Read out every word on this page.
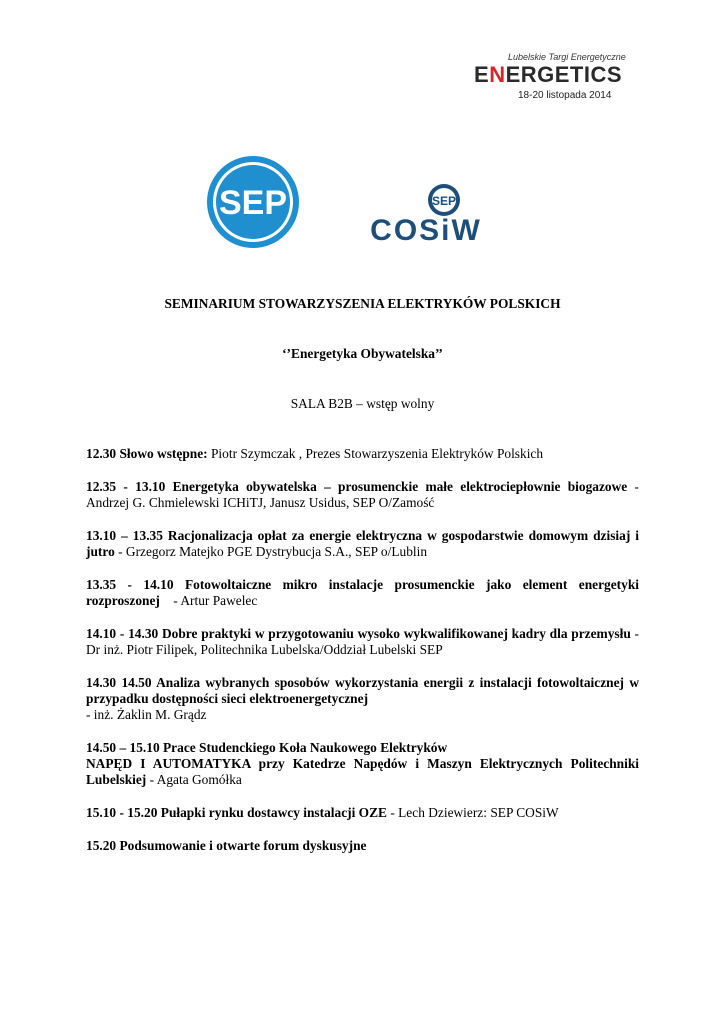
Lubelskie Targi Energetyczne
ENERGETICS
18-20 listopada 2014
SEP	SEP
COSiW

SEMINARIUM STOWARZYSZENIA ELEKTRYKÓW POLSKICH

‘’Energetyka Obywatelska’’

SALA B2B – wstęp wolny

12.30 Słowo wstępne: Piotr Szymczak , Prezes Stowarzyszenia Elektryków Polskich

12.35 - 13.10 Energetyka obywatelska – prosumenckie małe elektrociepłownie biogazowe - Andrzej G. Chmielewski ICHiTJ, Janusz Usidus, SEP O/Zamość

13.10 – 13.35 Racjonalizacja opłat za energie elektryczna w gospodarstwie domowym dzisiaj i jutro - Grzegorz Matejko PGE Dystrybucja S.A., SEP o/Lublin

13.35 - 14.10 Fotowoltaiczne mikro instalacje prosumenckie jako element energetyki rozproszonej    - Artur Pawelec

14.10 - 14.30 Dobre praktyki w przygotowaniu wysoko wykwalifikowanej kadry dla przemysłu - Dr inż. Piotr Filipek, Politechnika Lubelska/Oddział Lubelski SEP

14.30 14.50 Analiza wybranych sposobów wykorzystania energii z instalacji fotowoltaicznej w przypadku dostępności sieci elektroenergetycznej
- inż. Żaklin M. Grądz

14.50 – 15.10 Prace Studenckiego Koła Naukowego Elektryków
NAPĘD I AUTOMATYKA przy Katedrze Napędów i Maszyn Elektrycznych Politechniki Lubelskiej - Agata Gomółka

15.10 - 15.20 Pułapki rynku dostawcy instalacji OZE - Lech Dziewierz: SEP COSiW

15.20 Podsumowanie i otwarte forum dyskusyjne
